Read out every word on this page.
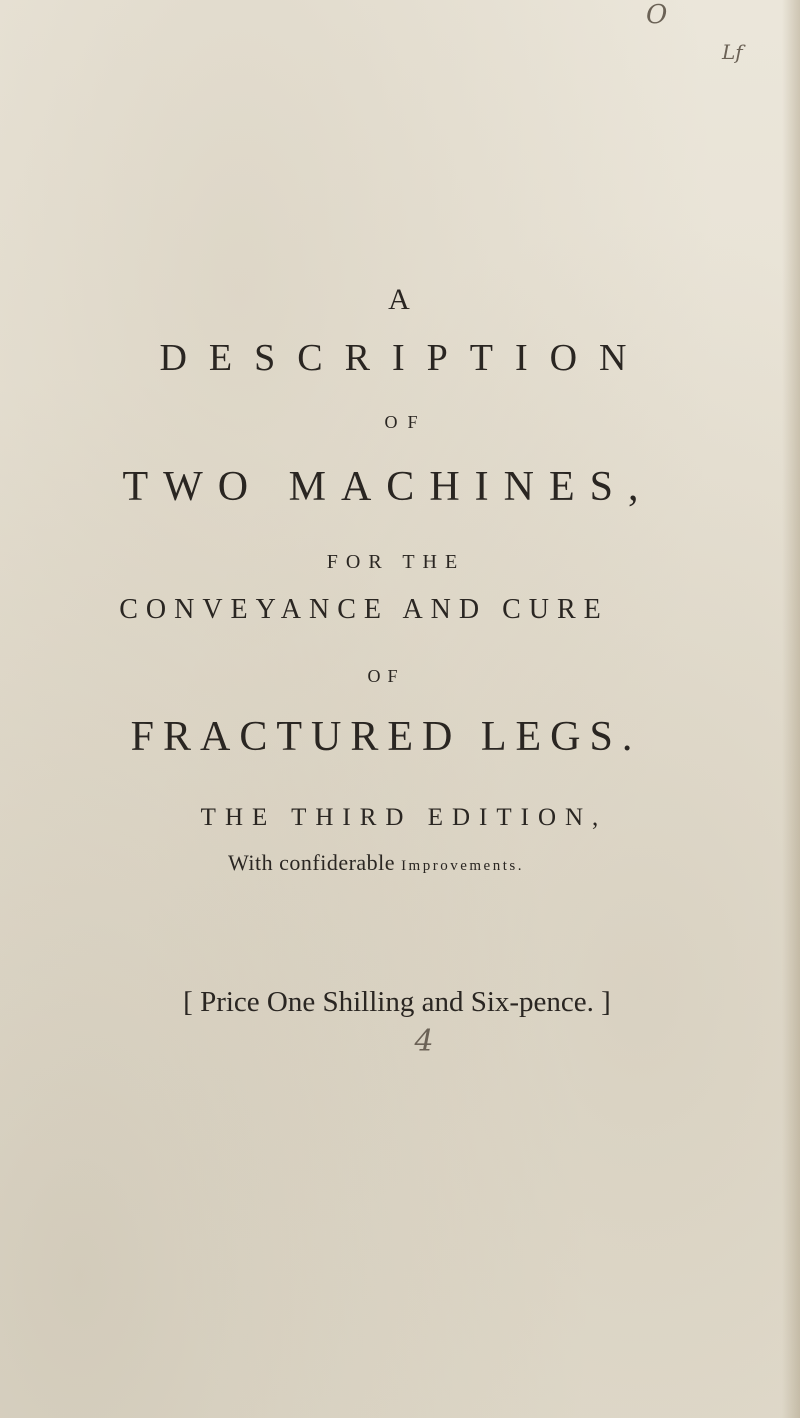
O
Lf

A

DESCRIPTION

OF

TWO MACHINES,

FOR THE

CONVEYANCE AND CURE

OF

FRACTURED LEGS.

THE THIRD EDITION,

With confiderable Improvements.

[ Price One Shilling and Six-pence. ]

4
